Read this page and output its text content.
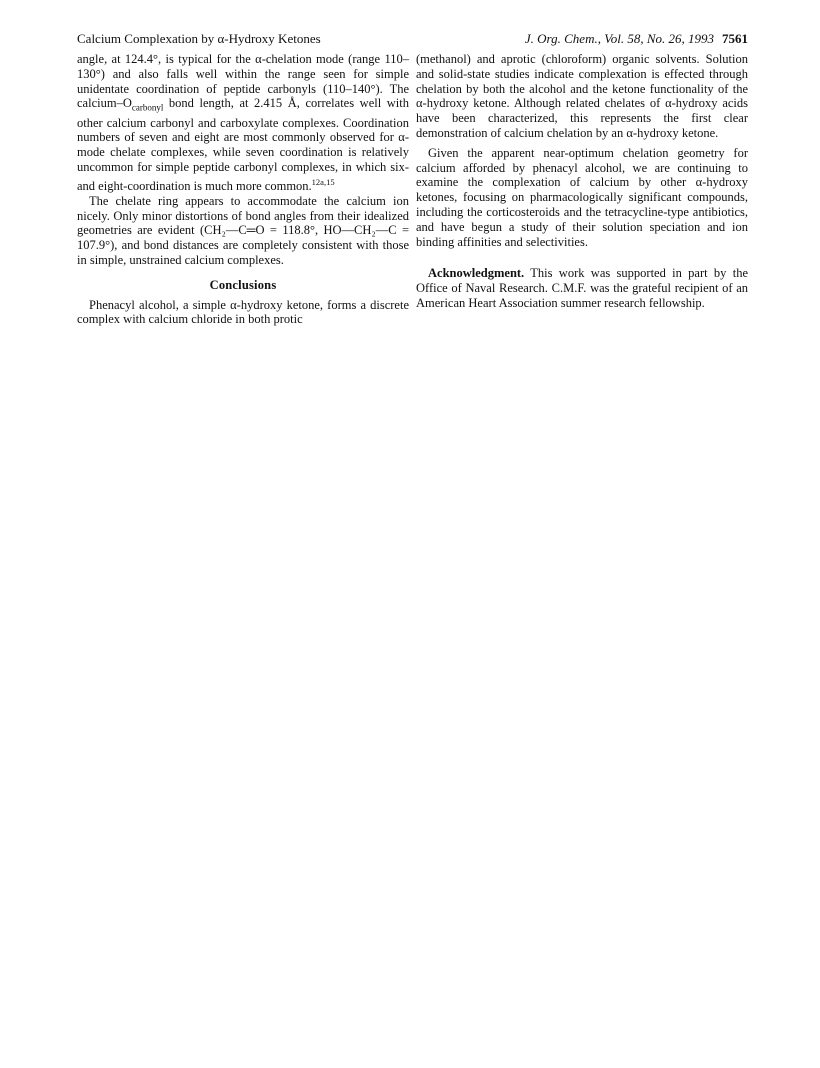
Calcium Complexation by α-Hydroxy Ketones	J. Org. Chem., Vol. 58, No. 26, 1993 7561

angle, at 124.4°, is typical for the α-chelation mode (range 110–130°) and also falls well within the range seen for simple unidentate coordination of peptide carbonyls (110–140°). The calcium–$O_{carbonyl}$ bond length, at 2.415 Å, correlates well with other calcium carbonyl and carboxylate complexes. Coordination numbers of seven and eight are most commonly observed for α-mode chelate complexes, while seven coordination is relatively uncommon for simple peptide carbonyl complexes, in which six- and eight-coordination is much more common.$^{12a,15}$

The chelate ring appears to accommodate the calcium ion nicely. Only minor distortions of bond angles from their idealized geometries are evident (CH₂—C═O = 118.8°, HO—CH₂—C = 107.9°), and bond distances are completely consistent with those in simple, unstrained calcium complexes.

Conclusions

Phenacyl alcohol, a simple α-hydroxy ketone, forms a discrete complex with calcium chloride in both protic

(methanol) and aprotic (chloroform) organic solvents. Solution and solid-state studies indicate complexation is effected through chelation by both the alcohol and the ketone functionality of the α-hydroxy ketone. Although related chelates of α-hydroxy acids have been characterized, this represents the first clear demonstration of calcium chelation by an α-hydroxy ketone.

Given the apparent near-optimum chelation geometry for calcium afforded by phenacyl alcohol, we are continuing to examine the complexation of calcium by other α-hydroxy ketones, focusing on pharmacologically significant compounds, including the corticosteroids and the tetracycline-type antibiotics, and have begun a study of their solution speciation and ion binding affinities and selectivities.

Acknowledgment. This work was supported in part by the Office of Naval Research. C.M.F. was the grateful recipient of an American Heart Association summer research fellowship.
